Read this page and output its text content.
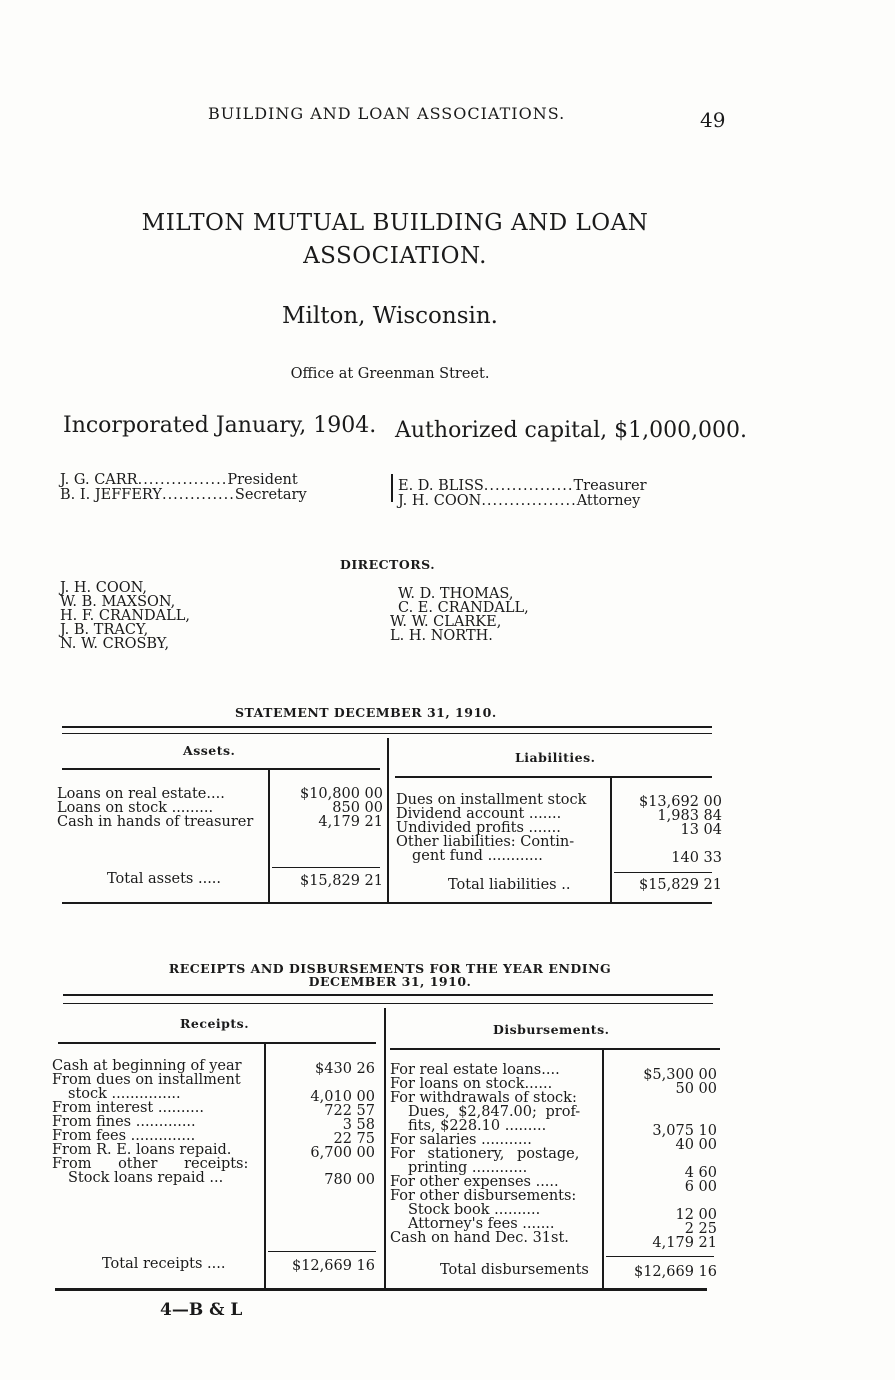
BUILDING AND LOAN ASSOCIATIONS.	49
MILTON MUTUAL BUILDING AND LOAN
ASSOCIATION.
Milton, Wisconsin.
Office at Greenman Street.
Incorporated January, 1904. Authorized capital, $1,000,000.
J. G. CARR................President
B. I. JEFFERY.............Secretary
E. D. BLISS................Treasurer
J. H. COON.................Attorney
DIRECTORS.
J. H. COON,
W. B. MAXSON,
H. F. CRANDALL,
J. B. TRACY,
N. W. CROSBY,
W. D. THOMAS,
C. E. CRANDALL,
W. W. CLARKE,
L. H. NORTH.
STATEMENT DECEMBER 31, 1910.
Assets.	Liabilities.
Loans on real estate....	$10,800 00
Loans on stock .........	850 00
Cash in hands of treasurer	4,179 21
Total assets .....	$15,829 21
Dues on installment stock	$13,692 00
Dividend account .......	1,983 84
Undivided profits .......	13 04
Other liabilities: Contin-
gent fund ............	140 33
Total liabilities ..	$15,829 21
RECEIPTS AND DISBURSEMENTS FOR THE YEAR ENDING
DECEMBER 31, 1910.
Receipts.	Disbursements.
Cash at beginning of year	$430 26
From dues on installment
stock ...............	4,010 00
From interest ..........	722 57
From fines .............	3 58
From fees ..............	22 75
From R. E. loans repaid.	6,700 00
From other receipts:
Stock loans repaid ...	780 00
Total receipts ....	$12,669 16
For real estate loans....	$5,300 00
For loans on stock......	50 00
For withdrawals of stock:
Dues, $2,847.00; prof-
fits, $228.10 .........	3,075 10
For salaries ...........	40 00
For stationery, postage,
printing ............	4 60
For other expenses .....	6 00
For other disbursements:
Stock book ..........	12 00
Attorney's fees .......	2 25
Cash on hand Dec. 31st.	4,179 21
Total disbursements	$12,669 16
4—B & L
